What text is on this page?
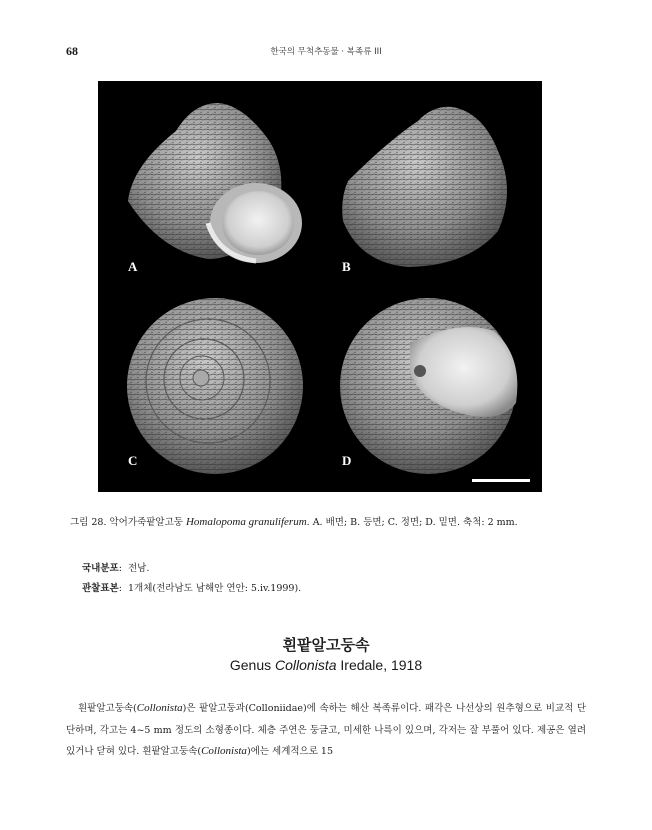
68	한국의 무척추동물 · 복족류 III
A	B
C	D
그림 28. 악어가죽팥알고둥 Homalopoma granuliferum. A. 배면; B. 등면; C. 정면; D. 밑면. 축척: 2 mm.
국내분포:  전남.
관찰표본:  1개체(전라남도 남해안 연안: 5.iv.1999).
흰팥알고둥속
Genus Collonista Iredale, 1918
흰팥알고둥속(Collonista)은 팥알고둥과(Colloniidae)에 속하는 해산 복족류이다. 패각은 나선상의 원추형으로 비교적 단단하며, 각고는 4~5 mm 정도의 소형종이다. 체층 주연은 둥글고, 미세한 나륵이 있으며, 각저는 잘 부풀어 있다. 제공은 열려 있거나 닫혀 있다. 흰팥알고둥속(Collonista)에는 세계적으로 15
